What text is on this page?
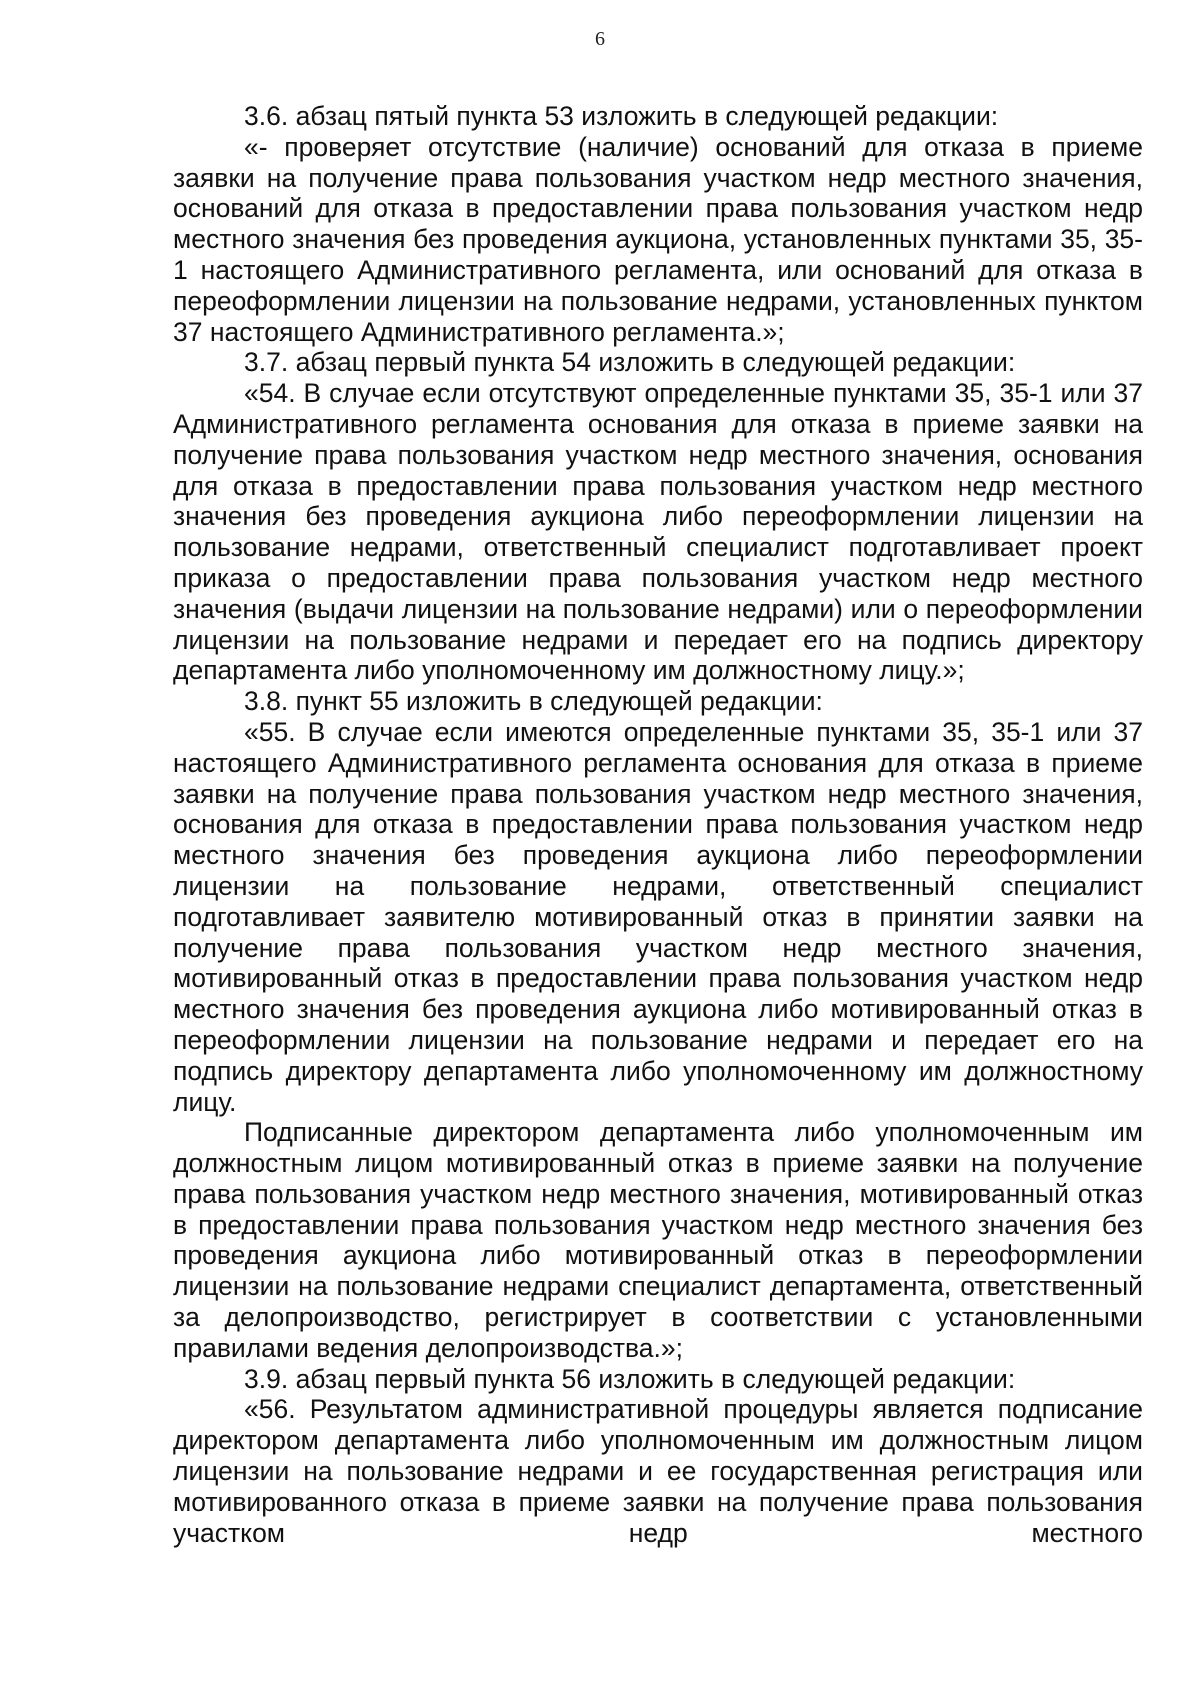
6

3.6. абзац пятый пункта 53 изложить в следующей редакции:

«- проверяет отсутствие (наличие) оснований для отказа в приеме заявки на получение права пользования участком недр местного значения, оснований для отказа в предоставлении права пользования участком недр местного значения без проведения аукциона, установленных пунктами 35, 35-1 настоящего Административного регламента, или оснований для отказа в переоформлении лицензии на пользование недрами, установленных пунктом 37 настоящего Административного регламента.»;

3.7. абзац первый пункта 54 изложить в следующей редакции:

«54. В случае если отсутствуют определенные пунктами 35, 35-1 или 37 Административного регламента основания для отказа в приеме заявки на получение права пользования участком недр местного значения, основания для отказа в предоставлении права пользования участком недр местного значения без проведения аукциона либо переоформлении лицензии на пользование недрами, ответственный специалист подготавливает проект приказа о предоставлении права пользования участком недр местного значения (выдачи лицензии на пользование недрами) или о переоформлении лицензии на пользование недрами и передает его на подпись директору департамента либо уполномоченному им должностному лицу.»;

3.8. пункт 55 изложить в следующей редакции:

«55. В случае если имеются определенные пунктами 35, 35-1 или 37 настоящего Административного регламента основания для отказа в приеме заявки на получение права пользования участком недр местного значения, основания для отказа в предоставлении права пользования участком недр местного значения без проведения аукциона либо переоформлении лицензии на пользование недрами, ответственный специалист подготавливает заявителю мотивированный отказ в принятии заявки на получение права пользования участком недр местного значения, мотивированный отказ в предоставлении права пользования участком недр местного значения без проведения аукциона либо мотивированный отказ в переоформлении лицензии на пользование недрами и передает его на подпись директору департамента либо уполномоченному им должностному лицу.

Подписанные директором департамента либо уполномоченным им должностным лицом мотивированный отказ в приеме заявки на получение права пользования участком недр местного значения, мотивированный отказ в предоставлении права пользования участком недр местного значения без проведения аукциона либо мотивированный отказ в переоформлении лицензии на пользование недрами специалист департамента, ответственный за делопроизводство, регистрирует в соответствии с установленными правилами ведения делопроизводства.»;

3.9. абзац первый пункта 56 изложить в следующей редакции:

«56. Результатом административной процедуры является подписание директором департамента либо уполномоченным им должностным лицом лицензии на пользование недрами и ее государственная регистрация или мотивированного отказа в приеме заявки на получение права пользования участком недр местного
